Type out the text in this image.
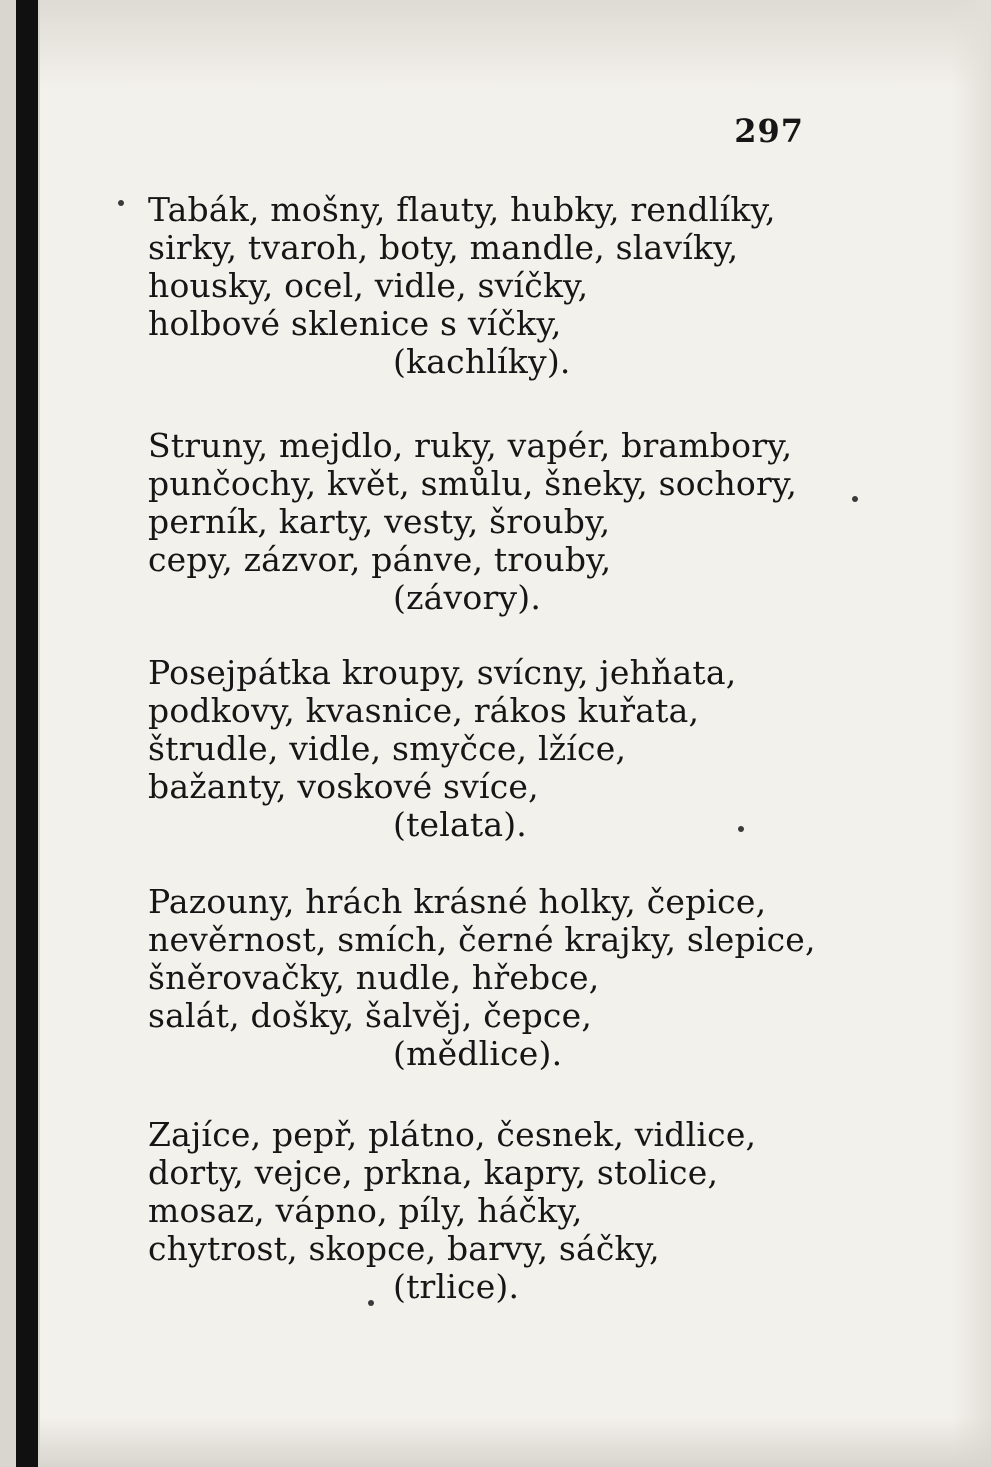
297
Tabák, mošny, flauty, hubky, rendlíky,
sirky, tvaroh, boty, mandle, slavíky,
housky, ocel, vidle, svíčky,
holbové sklenice s víčky,
(kachlíky).
Struny, mejdlo, ruky, vapér, brambory,
punčochy, květ, smůlu, šneky, sochory,
perník, karty, vesty, šrouby,
cepy, zázvor, pánve, trouby,
(závory).
Posejpátka kroupy, svícny, jehňata,
podkovy, kvasnice, rákos kuřata,
štrudle, vidle, smyčce, lžíce,
bažanty, voskové svíce,
(telata).
Pazouny, hrách krásné holky, čepice,
nevěrnost, smích, černé krajky, slepice,
šněrovačky, nudle, hřebce,
salát, došky, šalvěj, čepce,
(mědlice).
Zajíce, pepř, plátno, česnek, vidlice,
dorty, vejce, prkna, kapry, stolice,
mosaz, vápno, píly, háčky,
chytrost, skopce, barvy, sáčky,
(trlice).
